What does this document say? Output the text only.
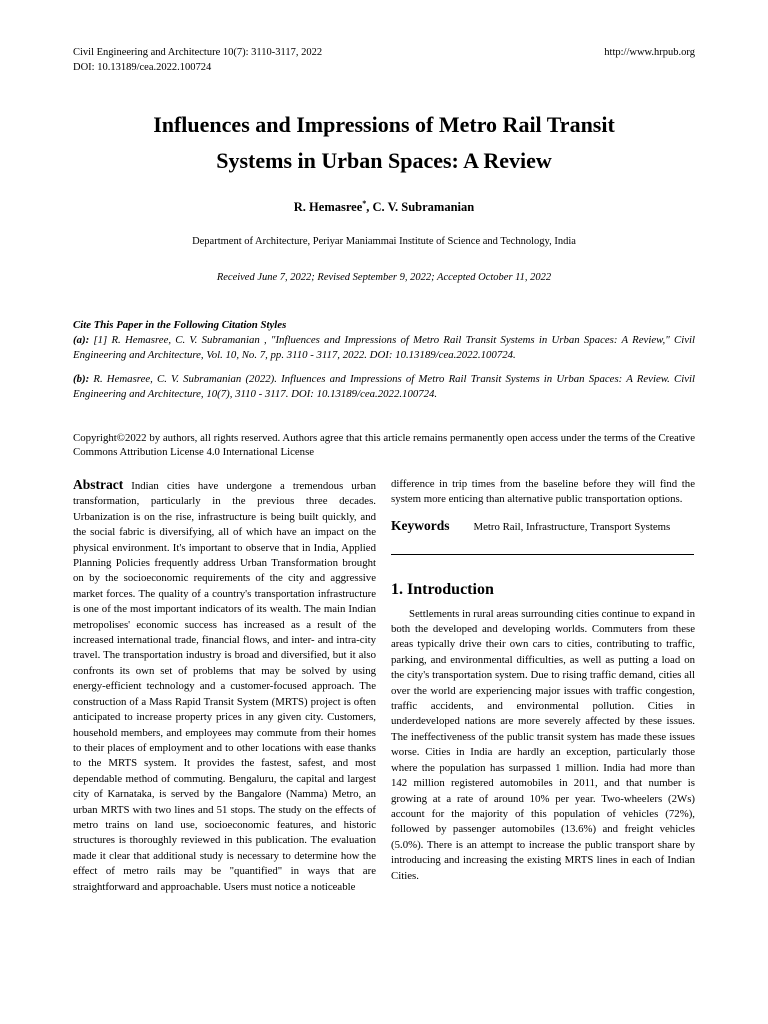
Civil Engineering and Architecture 10(7): 3110-3117, 2022
DOI: 10.13189/cea.2022.100724
http://www.hrpub.org
Influences and Impressions of Metro Rail Transit
Systems in Urban Spaces: A Review
R. Hemasree*, C. V. Subramanian
Department of Architecture, Periyar Maniammai Institute of Science and Technology, India
Received June 7, 2022; Revised September 9, 2022; Accepted October 11, 2022

Cite This Paper in the Following Citation Styles

(a): [1] R. Hemasree, C. V. Subramanian , "Influences and Impressions of Metro Rail Transit Systems in Urban Spaces: A Review," Civil Engineering and Architecture, Vol. 10, No. 7, pp. 3110 - 3117, 2022. DOI: 10.13189/cea.2022.100724.

(b): R. Hemasree, C. V. Subramanian (2022). Influences and Impressions of Metro Rail Transit Systems in Urban Spaces: A Review. Civil Engineering and Architecture, 10(7), 3110 - 3117. DOI: 10.13189/cea.2022.100724.

Copyright©2022 by authors, all rights reserved. Authors agree that this article remains permanently open access under the terms of the Creative Commons Attribution License 4.0 International License
Abstract Indian cities have undergone a tremendous urban transformation, particularly in the previous three decades. Urbanization is on the rise, infrastructure is being built quickly, and the social fabric is diversifying, all of which have an impact on the physical environment. It's important to observe that in India, Applied Planning Policies frequently address Urban Transformation brought on by the socioeconomic requirements of the city and aggressive market forces. The quality of a country's transportation infrastructure is one of the most important indicators of its wealth. The main Indian metropolises' economic success has increased as a result of the increased international trade, financial flows, and inter- and intra-city travel. The transportation industry is broad and diversified, but it also confronts its own set of problems that may be solved by using energy-efficient technology and a customer-focused approach. The construction of a Mass Rapid Transit System (MRTS) project is often anticipated to increase property prices in any given city. Customers, household members, and employees may commute from their homes to their places of employment and to other locations with ease thanks to the MRTS system. It provides the fastest, safest, and most dependable method of commuting. Bengaluru, the capital and largest city of Karnataka, is served by the Bangalore (Namma) Metro, an urban MRTS with two lines and 51 stops. The study on the effects of metro trains on land use, socioeconomic features, and historic structures is thoroughly reviewed in this publication. The evaluation made it clear that additional study is necessary to determine how the effect of metro rails may be "quantified" in ways that are straightforward and approachable. Users must notice a noticeable
difference in trip times from the baseline before they will find the system more enticing than alternative public transportation options.
Keywords Metro Rail, Infrastructure, Transport Systems
1. Introduction

Settlements in rural areas surrounding cities continue to expand in both the developed and developing worlds. Commuters from these areas typically drive their own cars to cities, contributing to traffic, parking, and environmental difficulties, as well as putting a load on the city's transportation system. Due to rising traffic demand, cities all over the world are experiencing major issues with traffic congestion, traffic accidents, and environmental pollution. Cities in underdeveloped nations are more severely affected by these issues. The ineffectiveness of the public transit system has made these issues worse. Cities in India are hardly an exception, particularly those where the population has surpassed 1 million. India had more than 142 million registered automobiles in 2011, and that number is growing at a rate of around 10% per year. Two-wheelers (2Ws) account for the majority of this population of vehicles (72%), followed by passenger automobiles (13.6%) and freight vehicles (5.0%). There is an attempt to increase the public transport share by introducing and increasing the existing MRTS lines in each of Indian Cities.
